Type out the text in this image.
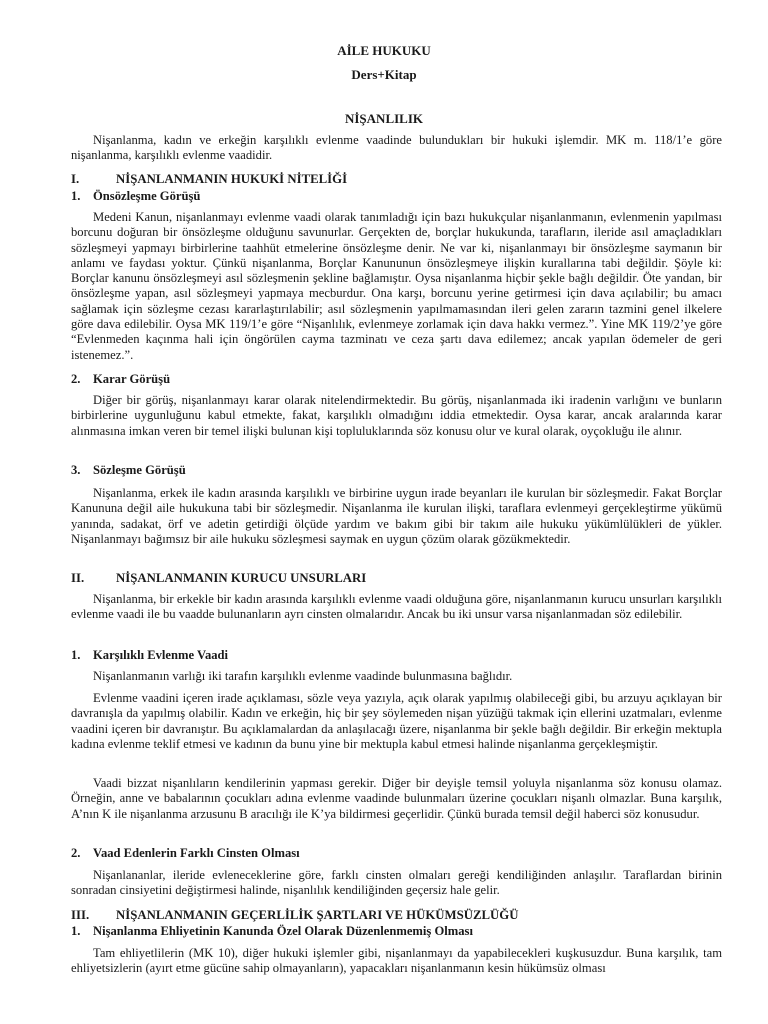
AİLE HUKUKU
Ders+Kitap
NİŞANLILIK

Nişanlanma, kadın ve erkeğin karşılıklı evlenme vaadinde bulundukları bir hukuki işlemdir. MK m. 118/1’e göre nişanlanma, karşılıklı evlenme vaadidir.

I.	NİŞANLANMANIN HUKUKİ NİTELİĞİ
1. Önsözleşme Görüşü

Medeni Kanun, nişanlanmayı evlenme vaadi olarak tanımladığı için bazı hukukçular nişanlanmanın, evlenmenin yapılması borcunu doğuran bir önsözleşme olduğunu savunurlar. Gerçekten de, borçlar hukukunda, tarafların, ileride asıl amaçladıkları sözleşmeyi yapmayı birbirlerine taahhüt etmelerine önsözleşme denir. Ne var ki, nişanlanmayı bir önsözleşme saymanın bir anlamı ve faydası yoktur. Çünkü nişanlanma, Borçlar Kanununun önsözleşmeye ilişkin kurallarına tabi değildir. Şöyle ki: Borçlar kanunu önsözleşmeyi asıl sözleşmenin şekline bağlamıştır. Oysa nişanlanma hiçbir şekle bağlı değildir. Öte yandan, bir önsözleşme yapan, asıl sözleşmeyi yapmaya mecburdur. Ona karşı, borcunu yerine getirmesi için dava açılabilir; bu amacı sağlamak için sözleşme cezası kararlaştırılabilir; asıl sözleşmenin yapılmamasından ileri gelen zararın tazmini genel ilkelere göre dava edilebilir. Oysa MK 119/1’e göre “Nişanlılık, evlenmeye zorlamak için dava hakkı vermez.”. Yine MK 119/2’ye göre “Evlenmeden kaçınma hali için öngörülen cayma tazminatı ve ceza şartı dava edilemez; ancak yapılan ödemeler de geri istenemez.”.

2. Karar Görüşü

Diğer bir görüş, nişanlanmayı karar olarak nitelendirmektedir. Bu görüş, nişanlanmada iki iradenin varlığını ve bunların birbirlerine uygunluğunu kabul etmekte, fakat, karşılıklı olmadığını iddia etmektedir. Oysa karar, ancak aralarında karar alınmasına imkan veren bir temel ilişki bulunan kişi topluluklarında söz konusu olur ve kural olarak, oyçokluğu ile alınır.

3. Sözleşme Görüşü

Nişanlanma, erkek ile kadın arasında karşılıklı ve birbirine uygun irade beyanları ile kurulan bir sözleşmedir. Fakat Borçlar Kanununa değil aile hukukuna tabi bir sözleşmedir. Nişanlanma ile kurulan ilişki, taraflara evlenmeyi gerçekleştirme yükümü yanında, sadakat, örf ve adetin getirdiği ölçüde yardım ve bakım gibi bir takım aile hukuku yükümlülükleri de yükler. Nişanlanmayı bağımsız bir aile hukuku sözleşmesi saymak en uygun çözüm olarak gözükmektedir.

II. NİŞANLANMANIN KURUCU UNSURLARI

Nişanlanma, bir erkekle bir kadın arasında karşılıklı evlenme vaadi olduğuna göre, nişanlanmanın kurucu unsurları karşılıklı evlenme vaadi ile bu vaadde bulunanların ayrı cinsten olmalarıdır. Ancak bu iki unsur varsa nişanlanmadan söz edilebilir.

1. Karşılıklı Evlenme Vaadi

Nişanlanmanın varlığı iki tarafın karşılıklı evlenme vaadinde bulunmasına bağlıdır.

Evlenme vaadini içeren irade açıklaması, sözle veya yazıyla, açık olarak yapılmış olabileceği gibi, bu arzuyu açıklayan bir davranışla da yapılmış olabilir. Kadın ve erkeğin, hiç bir şey söylemeden nişan yüzüğü takmak için ellerini uzatmaları, evlenme vaadini içeren bir davranıştır. Bu açıklamalardan da anlaşılacağı üzere, nişanlanma bir şekle bağlı değildir. Bir erkeğin mektupla kadına evlenme teklif etmesi ve kadının da bunu yine bir mektupla kabul etmesi halinde nişanlanma gerçekleşmiştir.

Vaadi bizzat nişanlıların kendilerinin yapması gerekir. Diğer bir deyişle temsil yoluyla nişanlanma söz konusu olamaz. Örneğin, anne ve babalarının çocukları adına evlenme vaadinde bulunmaları üzerine çocukları nişanlı olmazlar. Buna karşılık, A’nın K ile nişanlanma arzusunu B aracılığı ile K’ya bildirmesi geçerlidir. Çünkü burada temsil değil haberci söz konusudur.

2. Vaad Edenlerin Farklı Cinsten Olması

Nişanlananlar, ileride evleneceklerine göre, farklı cinsten olmaları gereği kendiliğinden anlaşılır. Taraflardan birinin sonradan cinsiyetini değiştirmesi halinde, nişanlılık kendiliğinden geçersiz hale gelir.

III. NİŞANLANMANIN GEÇERLİLİK ŞARTLARI VE HÜKÜMSÜZLÜĞÜ
1. Nişanlanma Ehliyetinin Kanunda Özel Olarak Düzenlenmemiş Olması

Tam ehliyetlilerin (MK 10), diğer hukuki işlemler gibi, nişanlanmayı da yapabilecekleri kuşkusuzdur. Buna karşılık, tam ehliyetsizlerin (ayırt etme gücüne sahip olmayanların), yapacakları nişanlanmanın kesin hükümsüz olması
